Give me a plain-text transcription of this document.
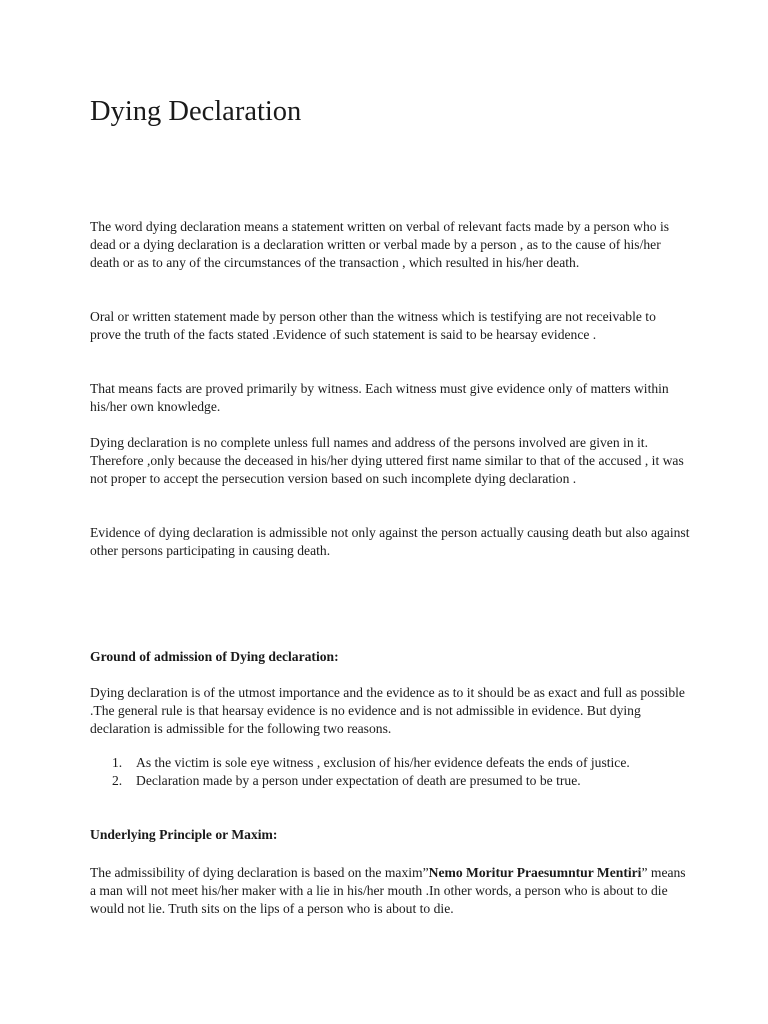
Dying Declaration

The word dying declaration means a statement written on verbal of relevant facts made by a person who is dead or a dying declaration is a declaration written or verbal made by a person , as to the cause of his/her death or as to any of the circumstances of the transaction , which resulted in his/her death.

Oral or written statement made by person other than the witness which is testifying are not receivable to prove the truth of the facts stated .Evidence of such statement is said to be hearsay evidence .

That means facts are proved primarily by witness. Each witness must give evidence only of matters within his/her own knowledge.

Dying declaration is no complete unless full names and address of the persons involved are given in it. Therefore ,only because the deceased in his/her dying uttered first name similar to that of the accused , it was not proper to accept the persecution version based on such incomplete dying declaration .

Evidence of dying declaration is admissible not only against the person actually causing death but also against other persons participating in causing death.

Ground of admission of Dying declaration:

Dying declaration is of the utmost importance and the evidence as to it should be as exact and full as possible .The general rule is that hearsay evidence is no evidence and is not admissible in evidence. But dying declaration is admissible for the following two reasons.

1. As the victim is sole eye witness , exclusion of his/her evidence defeats the ends of justice.
2. Declaration made by a person under expectation of death are presumed to be true.
Underlying Principle or Maxim:

The admissibility of dying declaration is based on the maxim”Nemo Moritur Praesumntur Mentiri” means a man will not meet his/her maker with a lie in his/her mouth .In other words, a person who is about to die would not lie. Truth sits on the lips of a person who is about to die.
